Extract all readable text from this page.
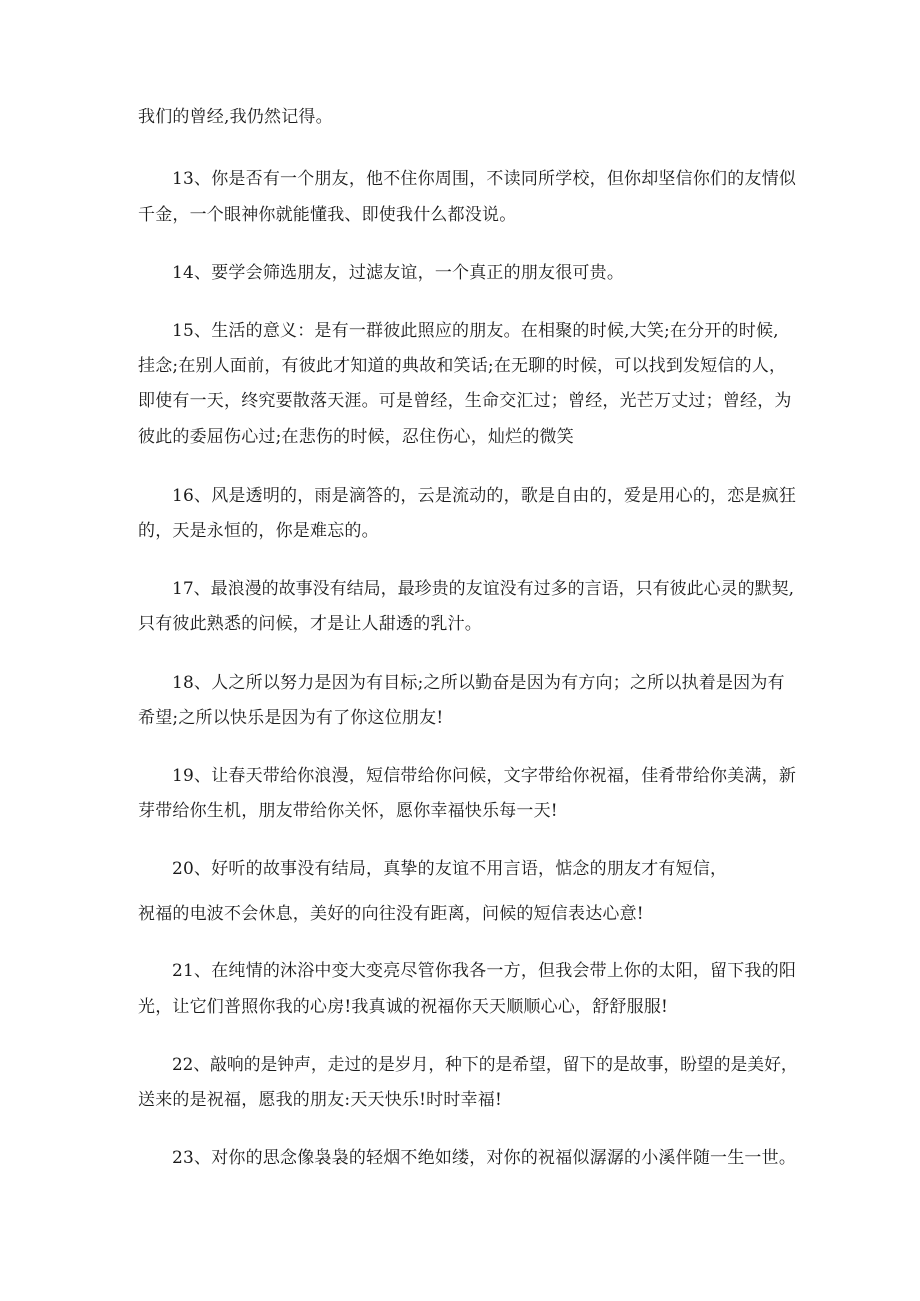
我们的曾经,我仍然记得。
13、你是否有一个朋友，他不住你周围，不读同所学校，但你却坚信你们的友情似
千金，一个眼神你就能懂我、即使我什么都没说。
14、要学会筛选朋友，过滤友谊，一个真正的朋友很可贵。
15、生活的意义：是有一群彼此照应的朋友。在相聚的时候,大笑;在分开的时候,
挂念;在别人面前，有彼此才知道的典故和笑话;在无聊的时候，可以找到发短信的人，
即使有一天，终究要散落天涯。可是曾经，生命交汇过；曾经，光芒万丈过；曾经，为
彼此的委屈伤心过;在悲伤的时候，忍住伤心，灿烂的微笑
16、风是透明的，雨是滴答的，云是流动的，歌是自由的，爱是用心的，恋是疯狂
的，天是永恒的，你是难忘的。
17、最浪漫的故事没有结局，最珍贵的友谊没有过多的言语，只有彼此心灵的默契,
只有彼此熟悉的问候，才是让人甜透的乳汁。
18、人之所以努力是因为有目标;之所以勤奋是因为有方向；之所以执着是因为有
希望;之所以快乐是因为有了你这位朋友!
19、让春天带给你浪漫，短信带给你问候，文字带给你祝福，佳肴带给你美满，新
芽带给你生机，朋友带给你关怀，愿你幸福快乐每一天!
20、好听的故事没有结局，真挚的友谊不用言语，惦念的朋友才有短信，
祝福的电波不会休息，美好的向往没有距离，问候的短信表达心意!
21、在纯情的沐浴中变大变亮尽管你我各一方，但我会带上你的太阳，留下我的阳
光，让它们普照你我的心房!我真诚的祝福你天天顺顺心心，舒舒服服!
22、敲响的是钟声，走过的是岁月，种下的是希望，留下的是故事，盼望的是美好，
送来的是祝福，愿我的朋友:天天快乐!时时幸福!
23、对你的思念像袅袅的轻烟不绝如缕，对你的祝福似潺潺的小溪伴随一生一世。
